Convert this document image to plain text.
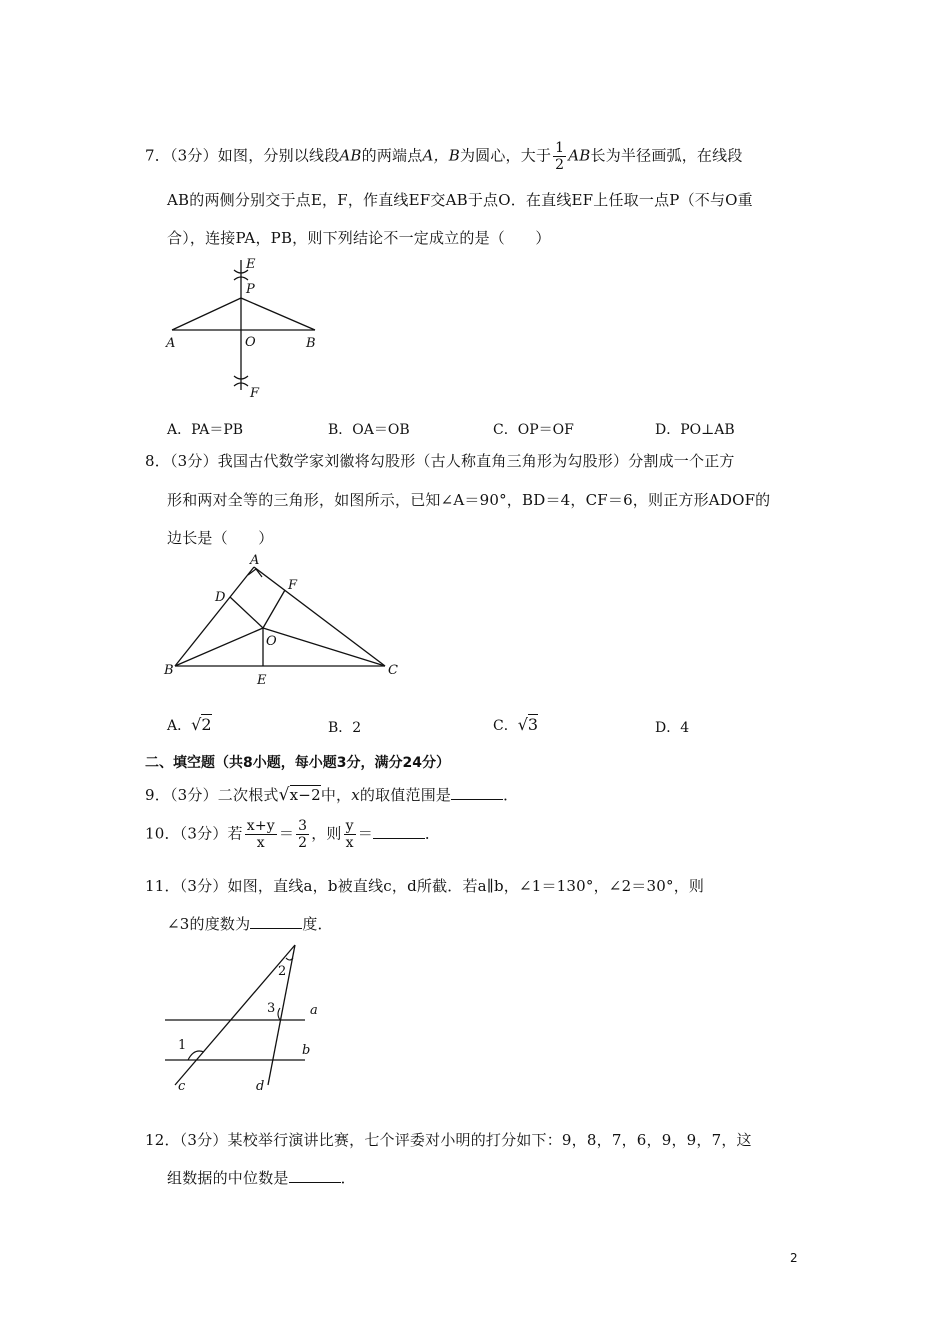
7．（3分）如图，分别以线段AB的两端点A，B为圆心，大于 $\frac{1}{2}$ AB长为半径画弧，在线段
AB的两侧分别交于点E，F，作直线EF交AB于点O．在直线EF上任取一点P（不与O重
合），连接PA，PB，则下列结论不一定成立的是（　　）
E
P
A	O	B
F
A．PA＝PB	B．OA＝OB	C．OP＝OF	D．PO⊥AB
8．（3分）我国古代数学家刘徽将勾股形（古人称直角三角形为勾股形）分割成一个正方
形和两对全等的三角形，如图所示，已知∠A＝90°，BD＝4，CF＝6，则正方形ADOF的
边长是（　　）
A
D
F
O
B
E
C
A．√2	B．2	C．√3	D．4
二、填空题（共8小题，每小题3分，满分24分）
9．（3分）二次根式√x−2中，x的取值范围是	．
10．（3分）若 $\frac{x+y}{x} = \frac{3}{2}$ ，则 $\frac{y}{x}$ ＝	．
11．（3分）如图，直线a，b被直线c，d所截．若a∥b，∠1＝130°，∠2＝30°，则
∠3的度数为	度．
1
2
3	a
b
c	d
12．（3分）某校举行演讲比赛，七个评委对小明的打分如下：9，8，7，6，9，9，7，这
组数据的中位数是	．
2
